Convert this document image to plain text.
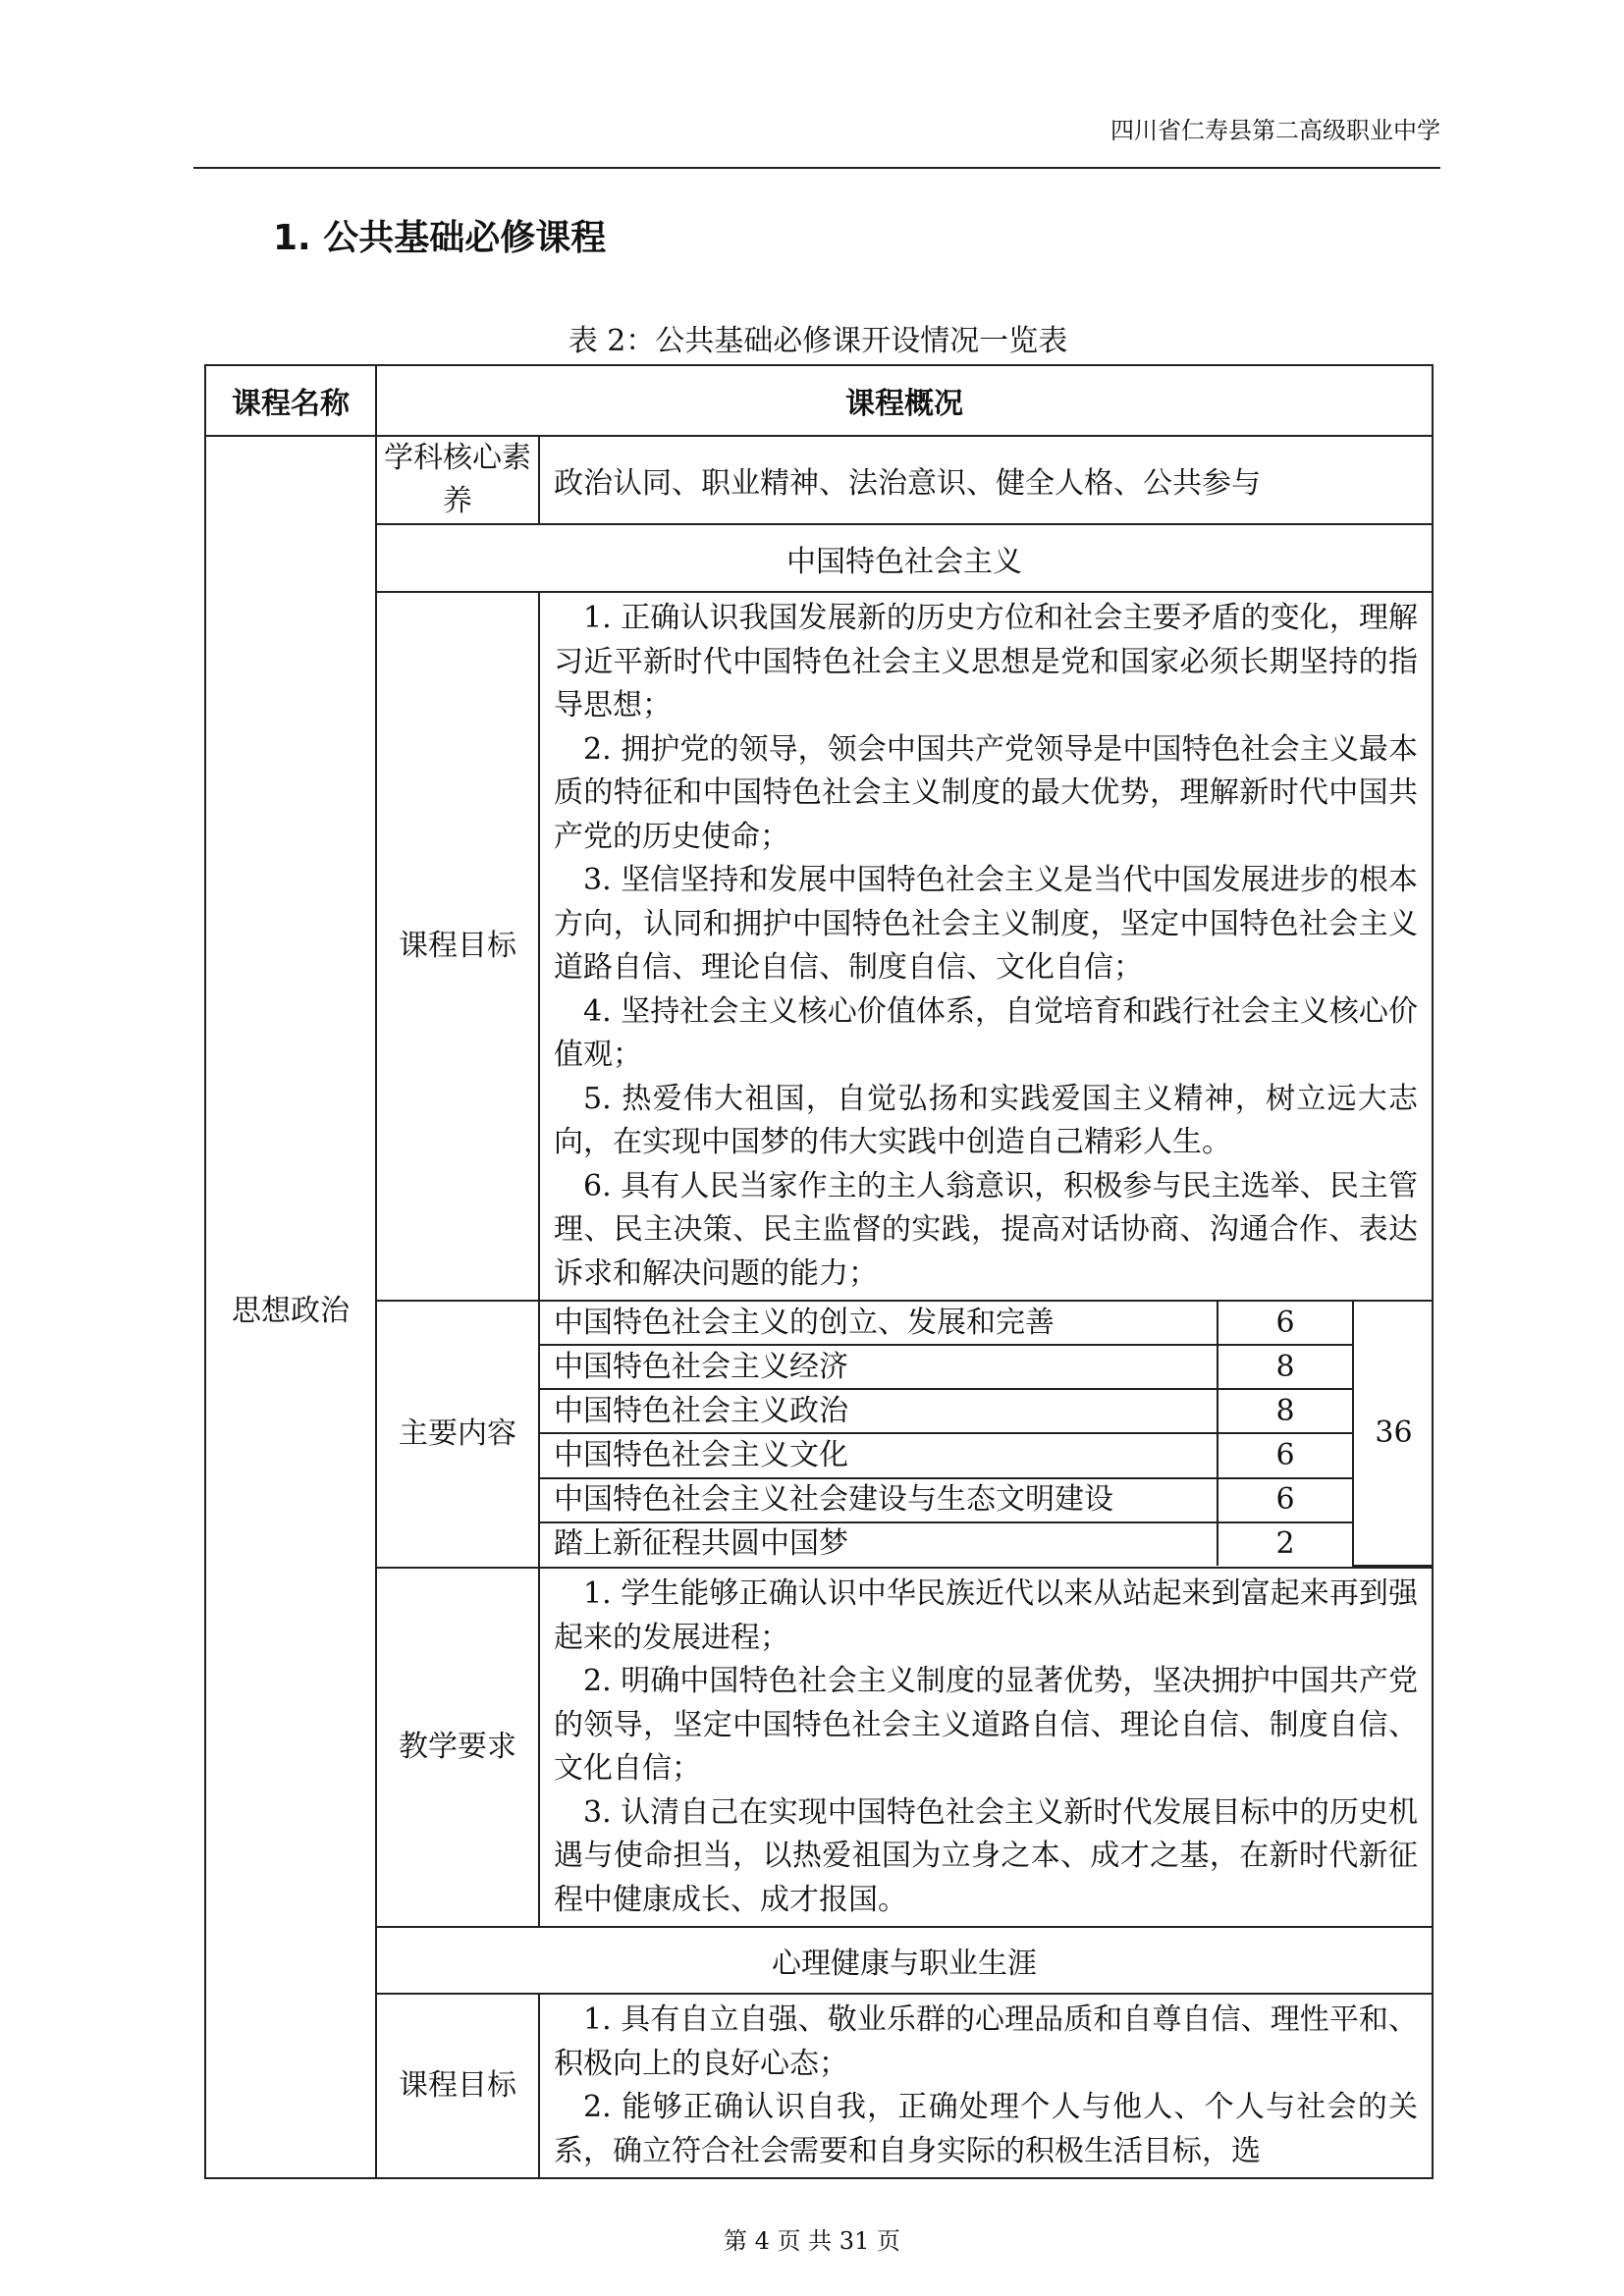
四川省仁寿县第二高级职业中学
1. 公共基础必修课程
表 2：公共基础必修课开设情况一览表
课程名称	课程概况
思想政治	学科核心素养	政治认同、职业精神、法治意识、健全人格、公共参与
中国特色社会主义
课程目标	

1. 正确认识我国发展新的历史方位和社会主要矛盾的变化，理解习近平新时代中国特色社会主义思想是党和国家必须长期坚持的指导思想；

2. 拥护党的领导，领会中国共产党领导是中国特色社会主义最本质的特征和中国特色社会主义制度的最大优势，理解新时代中国共产党的历史使命；

3. 坚信坚持和发展中国特色社会主义是当代中国发展进步的根本方向，认同和拥护中国特色社会主义制度，坚定中国特色社会主义道路自信、理论自信、制度自信、文化自信；

4. 坚持社会主义核心价值体系，自觉培育和践行社会主义核心价值观；

5. 热爱伟大祖国，自觉弘扬和实践爱国主义精神，树立远大志向，在实现中国梦的伟大实践中创造自己精彩人生。

6. 具有人民当家作主的主人翁意识，积极参与民主选举、民主管理、民主决策、民主监督的实践，提高对话协商、沟通合作、表达诉求和解决问题的能力；

主要内容	
中国特色社会主义的创立、发展和完善	6	36
中国特色社会主义经济	8
中国特色社会主义政治	8
中国特色社会主义文化	6
中国特色社会主义社会建设与生态文明建设	6
踏上新征程共圆中国梦	2

教学要求	

1. 学生能够正确认识中华民族近代以来从站起来到富起来再到强起来的发展进程；

2. 明确中国特色社会主义制度的显著优势，坚决拥护中国共产党的领导，坚定中国特色社会主义道路自信、理论自信、制度自信、文化自信；

3. 认清自己在实现中国特色社会主义新时代发展目标中的历史机遇与使命担当，以热爱祖国为立身之本、成才之基，在新时代新征程中健康成长、成才报国。

心理健康与职业生涯
课程目标	

1. 具有自立自强、敬业乐群的心理品质和自尊自信、理性平和、积极向上的良好心态；

2. 能够正确认识自我，正确处理个人与他人、个人与社会的关系，确立符合社会需要和自身实际的积极生活目标，选

第 4 页 共 31 页
